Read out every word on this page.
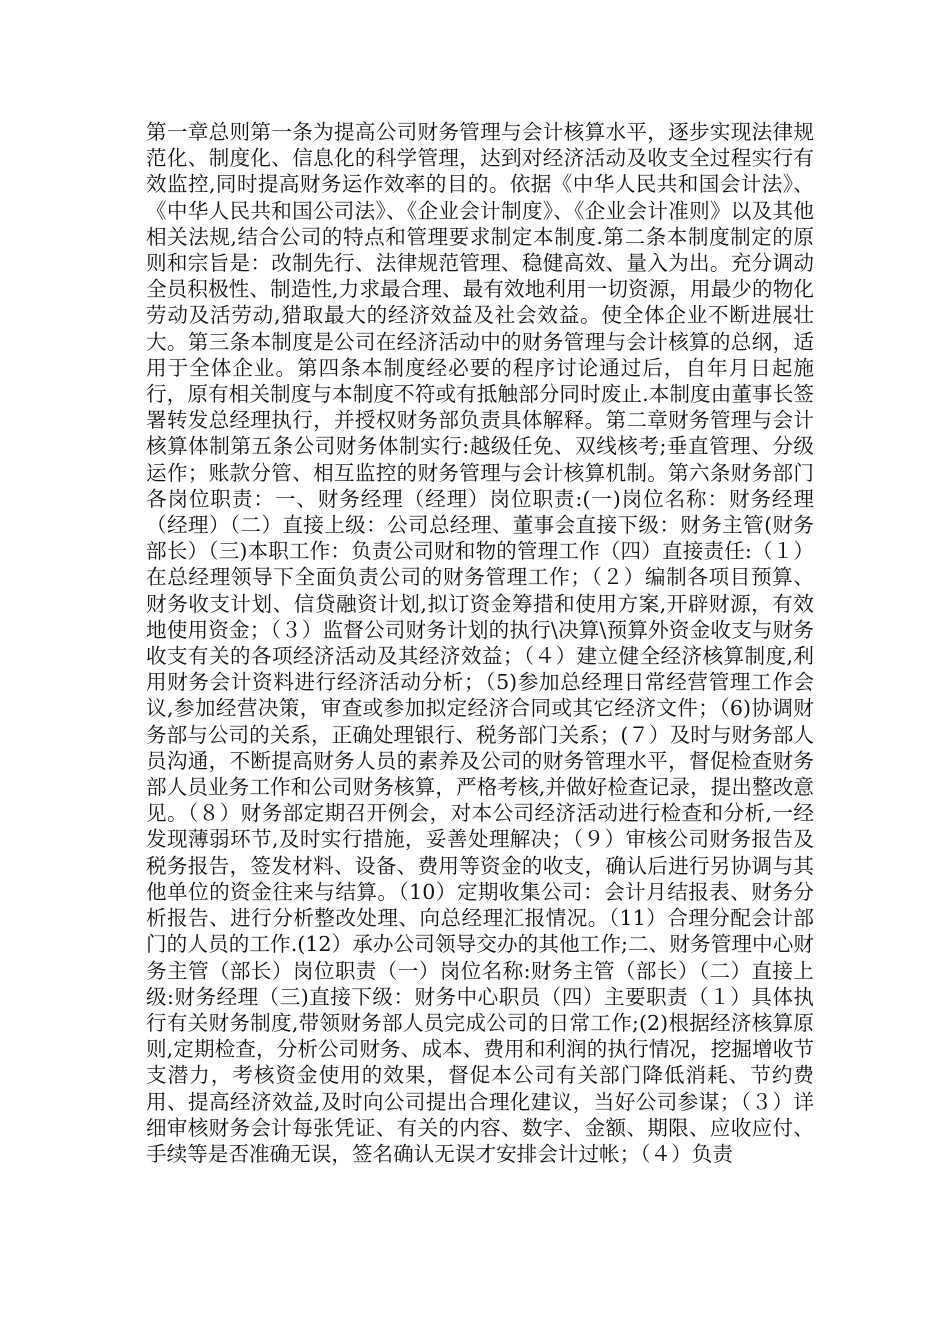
第一章总则第一条为提高公司财务管理与会计核算水平，逐步实现法律规范化、制度化、信息化的科学管理，达到对经济活动及收支全过程实行有效监控,同时提高财务运作效率的目的。依据《中华人民共和国会计法》、《中华人民共和国公司法》、《企业会计制度》、《企业会计准则》以及其他相关法规,结合公司的特点和管理要求制定本制度.第二条本制度制定的原则和宗旨是：改制先行、法律规范管理、稳健高效、量入为出。充分调动全员积极性、制造性,力求最合理、最有效地利用一切资源，用最少的物化劳动及活劳动,猎取最大的经济效益及社会效益。使全体企业不断进展壮大。第三条本制度是公司在经济活动中的财务管理与会计核算的总纲，适用于全体企业。第四条本制度经必要的程序讨论通过后，自年月日起施行，原有相关制度与本制度不符或有抵触部分同时废止.本制度由董事长签署转发总经理执行，并授权财务部负责具体解释。第二章财务管理与会计核算体制第五条公司财务体制实行:越级任免、双线核考;垂直管理、分级运作；账款分管、相互监控的财务管理与会计核算机制。第六条财务部门各岗位职责：一、财务经理（经理）岗位职责:(一)岗位名称：财务经理（经理）（二）直接上级：公司总经理、董事会直接下级：财务主管(财务部长）（三)本职工作：负责公司财和物的管理工作（四）直接责任:（１）在总经理领导下全面负责公司的财务管理工作；（２）编制各项目预算、财务收支计划、信贷融资计划,拟订资金筹措和使用方案,开辟财源，有效地使用资金；（３）监督公司财务计划的执行\决算\预算外资金收支与财务收支有关的各项经济活动及其经济效益；（４）建立健全经济核算制度,利用财务会计资料进行经济活动分析；（5)参加总经理日常经营管理工作会议,参加经营决策，审查或参加拟定经济合同或其它经济文件；（6)协调财务部与公司的关系，正确处理银行、税务部门关系；(７）及时与财务部人员沟通，不断提高财务人员的素养及公司的财务管理水平，督促检查财务部人员业务工作和公司财务核算，严格考核,并做好检查记录，提出整改意见。（８）财务部定期召开例会，对本公司经济活动进行检查和分析,一经发现薄弱环节,及时实行措施，妥善处理解决；（９）审核公司财务报告及税务报告，签发材料、设备、费用等资金的收支，确认后进行另协调与其他单位的资金往来与结算。（10）定期收集公司：会计月结报表、财务分析报告、进行分析整改处理、向总经理汇报情况。（11）合理分配会计部门的人员的工作.(12）承办公司领导交办的其他工作;二、财务管理中心财务主管（部长）岗位职责（一）岗位名称:财务主管（部长）（二）直接上级:财务经理（三)直接下级：财务中心职员（四）主要职责（１）具体执行有关财务制度,带领财务部人员完成公司的日常工作;(2)根据经济核算原则,定期检查，分析公司财务、成本、费用和利润的执行情况，挖掘增收节支潜力，考核资金使用的效果，督促本公司有关部门降低消耗、节约费用、提高经济效益,及时向公司提出合理化建议，当好公司参谋；（３）详细审核财务会计每张凭证、有关的内容、数字、金额、期限、应收应付、手续等是否准确无误，签名确认无误才安排会计过帐；（４）负责
